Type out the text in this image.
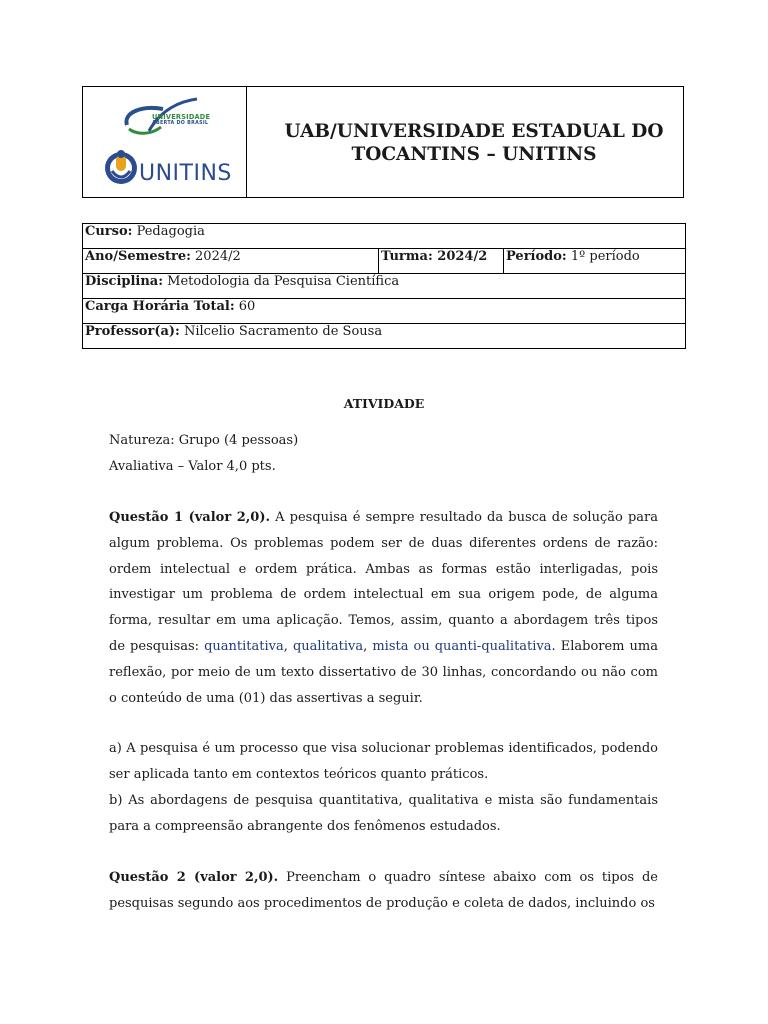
UNIVERSIDADE
ABERTA DO BRASIL
UNITINS
UAB/UNIVERSIDADE ESTADUAL DO
TOCANTINS – UNITINS
Curso: Pedagogia
Ano/Semestre: 2024/2	Turma: 2024/2	Período: 1º período
Disciplina: Metodologia da Pesquisa Científica
Carga Horária Total: 60
Professor(a): Nilcelio Sacramento de Sousa
ATIVIDADE
Natureza: Grupo (4 pessoas)
Avaliativa – Valor 4,0 pts.
Questão 1 (valor 2,0). A pesquisa é sempre resultado da busca de solução para algum problema. Os problemas podem ser de duas diferentes ordens de razão: ordem intelectual e ordem prática. Ambas as formas estão interligadas, pois investigar um problema de ordem intelectual em sua origem pode, de alguma forma, resultar em uma aplicação. Temos, assim, quanto a abordagem três tipos de pesquisas: quantitativa, qualitativa, mista ou quanti-qualitativa. Elaborem uma reflexão, por meio de um texto dissertativo de 30 linhas, concordando ou não com o conteúdo de uma (01) das assertivas a seguir.
a) A pesquisa é um processo que visa solucionar problemas identificados, podendo ser aplicada tanto em contextos teóricos quanto práticos.
b) As abordagens de pesquisa quantitativa, qualitativa e mista são fundamentais para a compreensão abrangente dos fenômenos estudados.
Questão 2 (valor 2,0). Preencham o quadro síntese abaixo com os tipos de pesquisas segundo aos procedimentos de produção e coleta de dados, incluindo os
